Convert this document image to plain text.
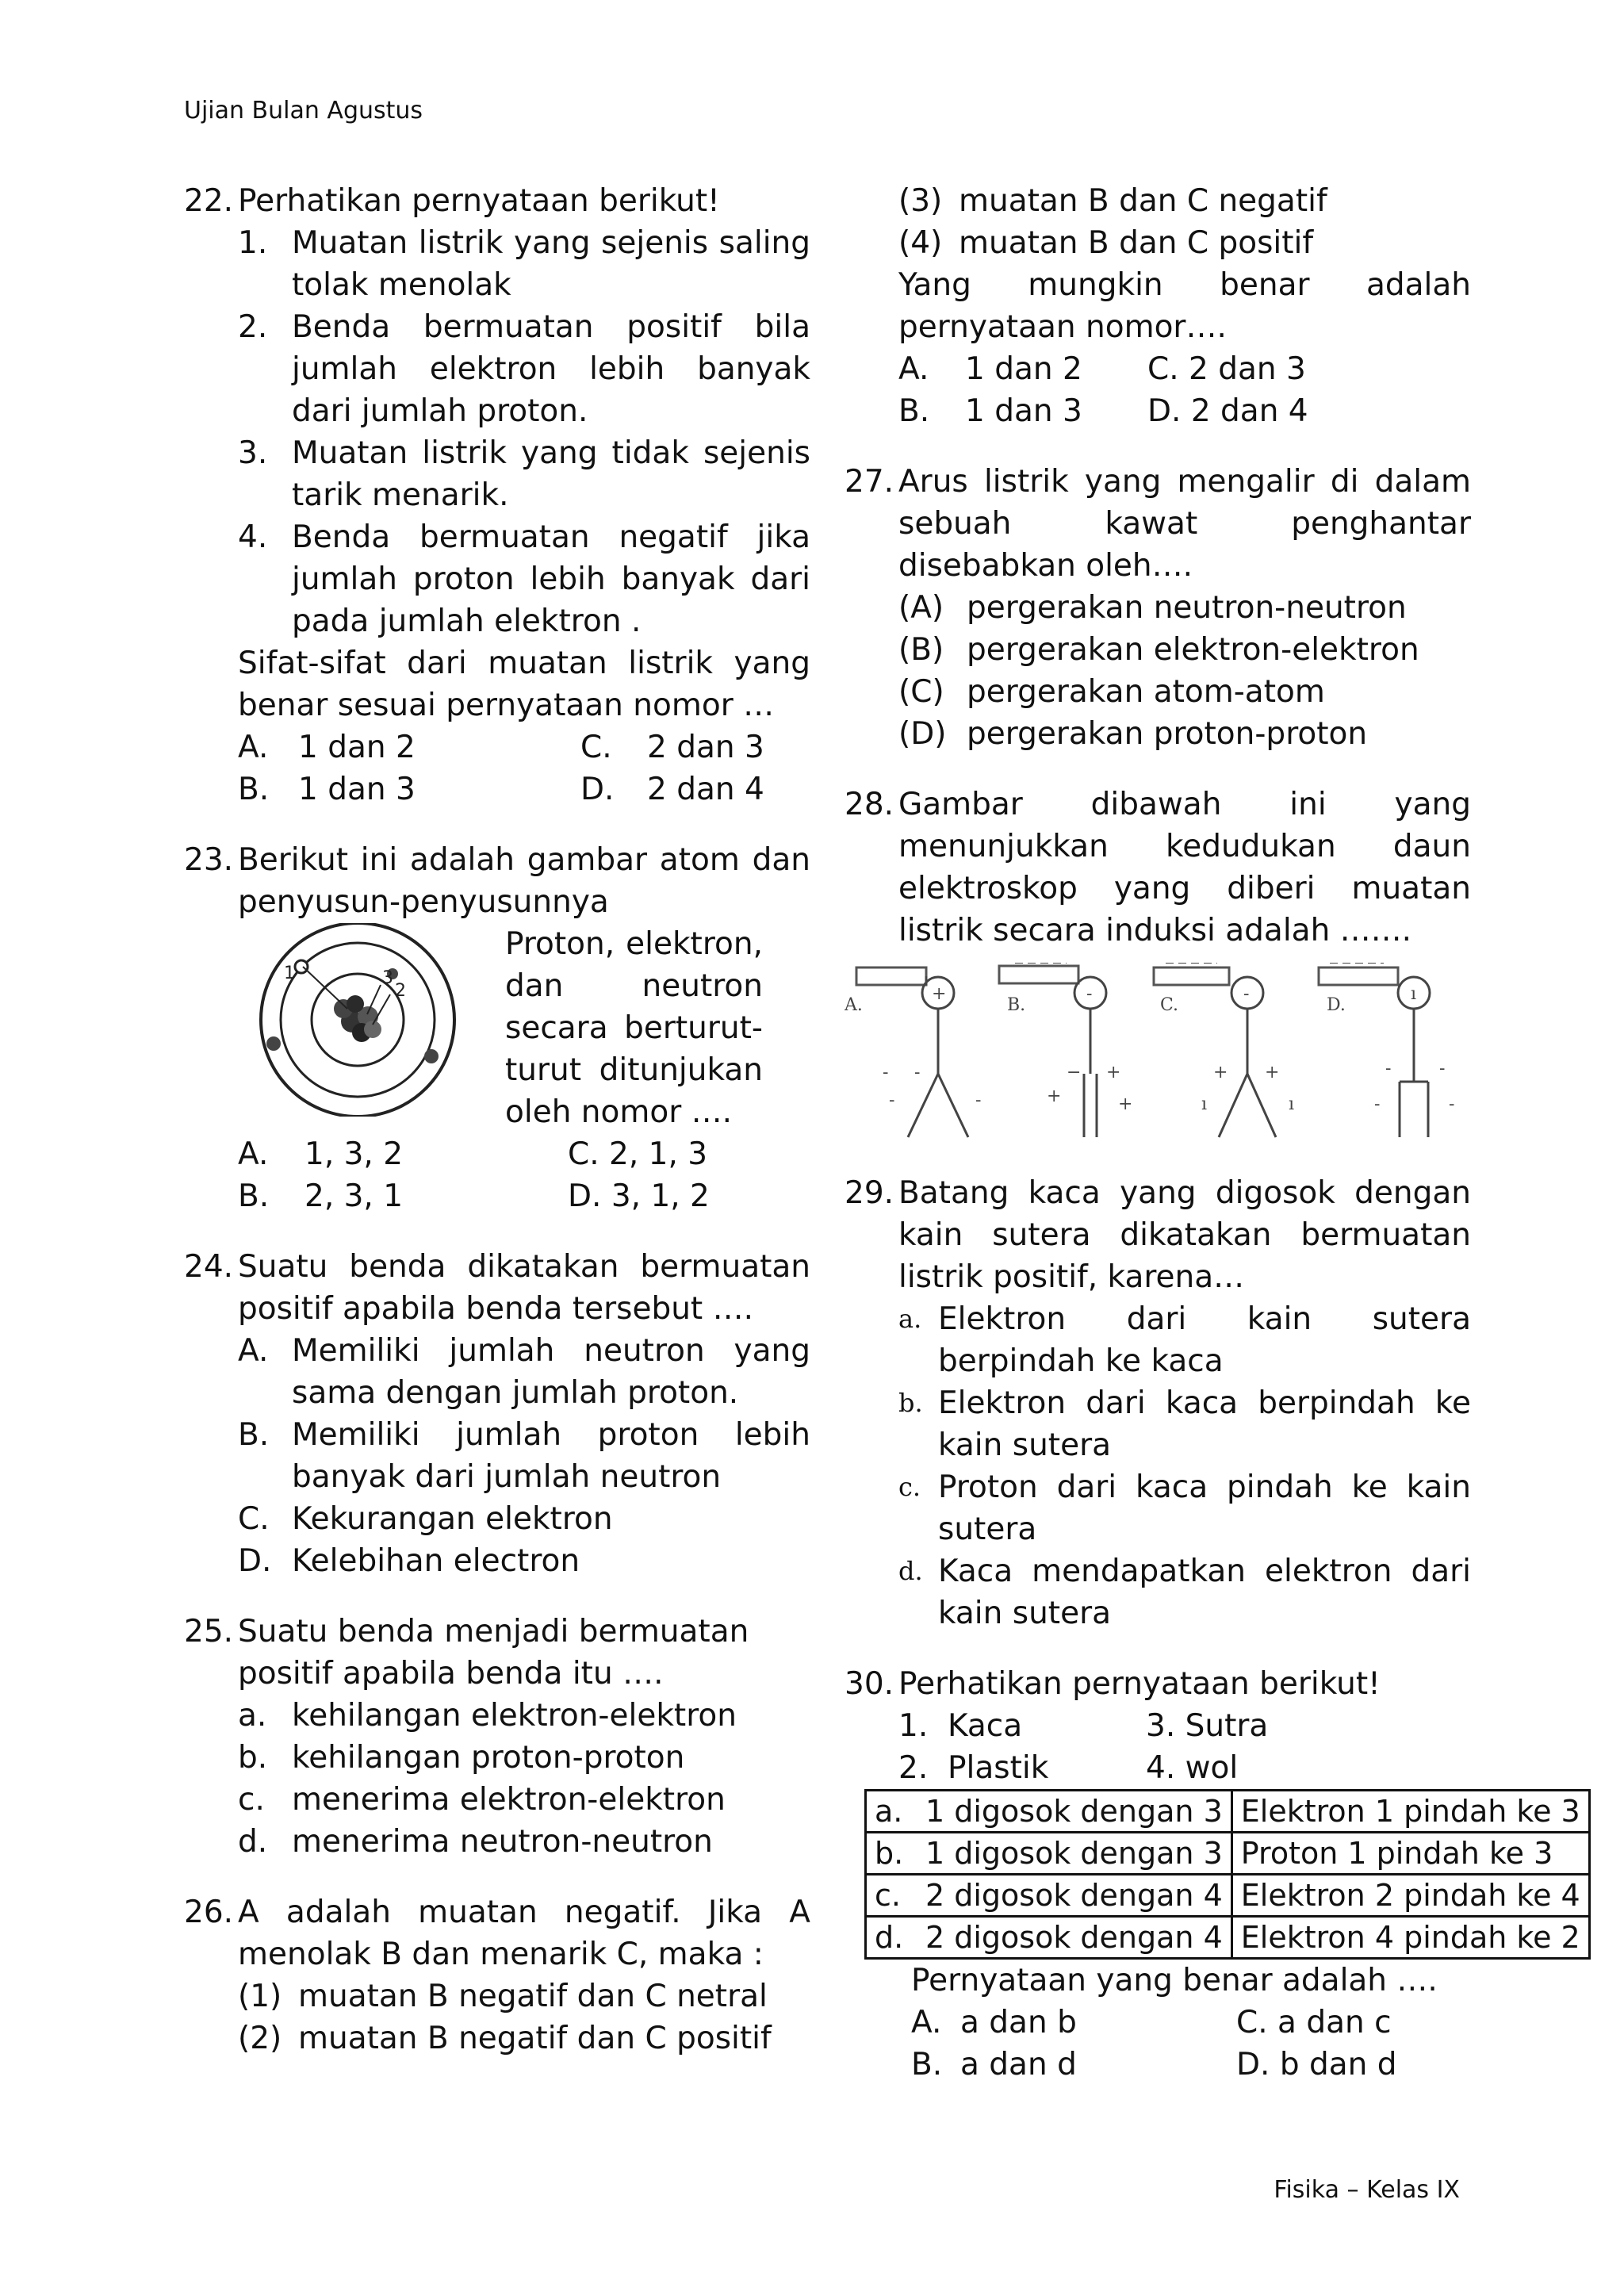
Ujian Bulan Agustus
22. Perhatikan pernyataan berikut!
1. Muatan listrik yang sejenis saling tolak menolak
2. Benda bermuatan positif bila jumlah elektron lebih banyak dari jumlah proton.
3. Muatan listrik yang tidak sejenis tarik menarik.
4. Benda bermuatan negatif jika jumlah proton lebih banyak dari pada jumlah elektron .
Sifat-sifat dari muatan listrik yang benar sesuai pernyataan nomor …
A. 1 dan 2	C.	2 dan 3
B. 1 dan 3	D.	2 dan 4
23. Berikut ini adalah gambar atom dan penyusun-penyusunnya
1	3
2
Proton, elektron, dan neutron secara berturut-turut ditunjukan oleh nomor ….
A.	1, 3, 2	C. 2, 1, 3
B.	2, 3, 1	D. 3, 1, 2
24. Suatu benda dikatakan bermuatan positif apabila benda tersebut ….
A. Memiliki jumlah neutron yang sama dengan jumlah proton.
B. Memiliki jumlah proton lebih banyak dari jumlah neutron
C. Kekurangan elektron
D. Kelebihan electron
25. Suatu benda menjadi bermuatan positif apabila benda itu ….
a. kehilangan elektron-elektron
b. kehilangan proton-proton
c. menerima elektron-elektron
d. menerima neutron-neutron
26. A adalah muatan negatif. Jika A menolak B dan menarik C, maka :
(1) muatan B negatif dan C netral
(2) muatan B negatif dan C positif
(3) muatan B dan C negatif
(4) muatan B dan C positif
Yang mungkin benar adalah pernyataan nomor….
A.	1 dan 2 C. 2 dan 3
B.	1 dan 3 D. 2 dan 4
27. Arus listrik yang mengalir di dalam sebuah kawat penghantar disebabkan oleh….
(A) pergerakan neutron-neutron
(B) pergerakan elektron-elektron
(C) pergerakan atom-atom
(D) pergerakan proton-proton
28. Gambar dibawah ini yang menunjukkan kedudukan daun elektroskop yang diberi muatan listrik secara induksi adalah …….
+
- -
-	-
A.
-
− +
+	+
B.
-
+ +
ı	ı
C.
ı
-	-
-	-
D.
29. Batang kaca yang digosok dengan kain sutera dikatakan bermuatan listrik positif, karena…
a. Elektron dari kain sutera berpindah ke kaca
b. Elektron dari kaca berpindah ke kain sutera
c. Proton dari kaca pindah ke kain sutera
d. Kaca mendapatkan elektron dari kain sutera
30. Perhatikan pernyataan berikut!
1. Kaca	3. Sutra
2. Plastik	4. wol
a. 1 digosok dengan 3	Elektron 1 pindah ke 3
b. 1 digosok dengan 3	Proton 1 pindah ke 3
c. 2 digosok dengan 4	Elektron 2 pindah ke 4
d. 2 digosok dengan 4	Elektron 4 pindah ke 2
Pernyataan yang benar adalah ….
A. a dan b	C. a dan c
B. a dan d	D. b dan d
Fisika – Kelas IX
